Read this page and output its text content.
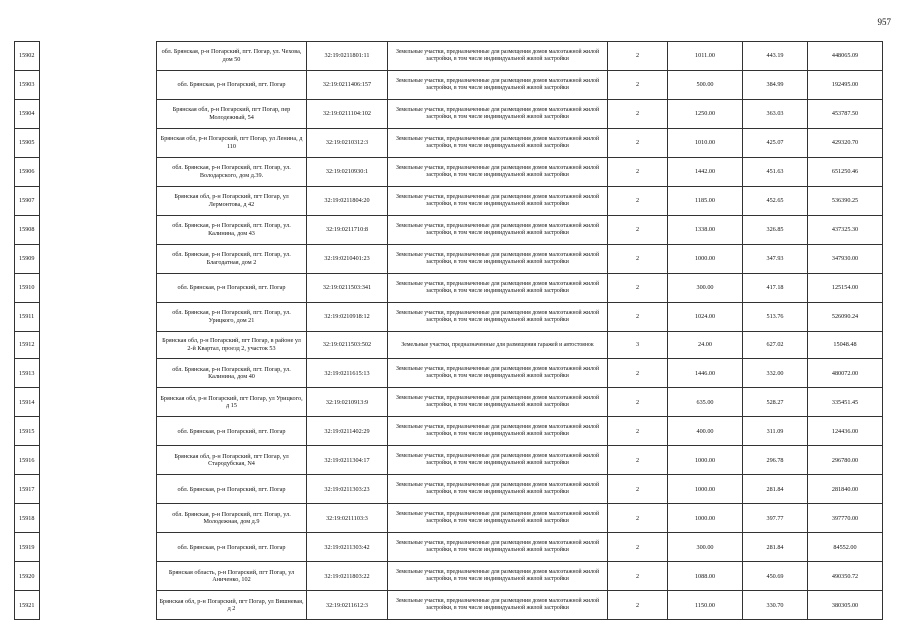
957
15902		обл. Брянская, р-н Погарский, пгт. Погар, ул. Чехова, дом 50	32:19:0211801:11	Земельные участки, предназначенные для размещения домов малоэтажной жилой застройки, в том числе индивидуальной жилой застройки	2	1011.00	443.19	448065.09
15903		обл. Брянская, р-н Погарский, пгт. Погар	32:19:0211406:157	Земельные участки, предназначенные для размещения домов малоэтажной жилой застройки, в том числе индивидуальной жилой застройки	2	500.00	384.99	192495.00
15904		Брянская обл, р-н Погарский, пгт Погар, пер Молодежный, 54	32:19:0211104:102	Земельные участки, предназначенные для размещения домов малоэтажной жилой застройки, в том числе индивидуальной жилой застройки	2	1250.00	363.03	453787.50
15905		Брянская обл, р-н Погарский, пгт Погар, ул Ленина, д 110	32:19:0210312:3	Земельные участки, предназначенные для размещения домов малоэтажной жилой застройки, в том числе индивидуальной жилой застройки	2	1010.00	425.07	429320.70
15906		обл. Брянская, р-н Погарский, пгт. Погар, ул. Володарского, дом д.39.	32:19:0210930:1	Земельные участки, предназначенные для размещения домов малоэтажной жилой застройки, в том числе индивидуальной жилой застройки	2	1442.00	451.63	651250.46
15907		Брянская обл, р-н Погарский, пгт Погар, ул Лермонтова, д 42	32:19:0211804:20	Земельные участки, предназначенные для размещения домов малоэтажной жилой застройки, в том числе индивидуальной жилой застройки	2	1185.00	452.65	536390.25
15908		обл. Брянская, р-н Погарский, пгт. Погар, ул. Калинина, дом 43	32:19:0211710:8	Земельные участки, предназначенные для размещения домов малоэтажной жилой застройки, в том числе индивидуальной жилой застройки	2	1338.00	326.85	437325.30
15909		обл. Брянская, р-н Погарский, пгт. Погар, ул. Благодатная, дом 2	32:19:0210401:23	Земельные участки, предназначенные для размещения домов малоэтажной жилой застройки, в том числе индивидуальной жилой застройки	2	1000.00	347.93	347930.00
15910		обл. Брянская, р-н Погарский, пгт. Погар	32:19:0211503:341	Земельные участки, предназначенные для размещения домов малоэтажной жилой застройки, в том числе индивидуальной жилой застройки	2	300.00	417.18	125154.00
15911		обл. Брянская, р-н Погарский, пгт. Погар, ул. Урицкого, дом 21	32:19:0210918:12	Земельные участки, предназначенные для размещения домов малоэтажной жилой застройки, в том числе индивидуальной жилой застройки	2	1024.00	513.76	526090.24
15912		Брянская обл, р-н Погарский, пгт Погар, в районе ул 2-й Квартал, проезд 2, участок 53	32:19:0211503:502	Земельные участки, предназначенные для размещения гаражей и автостоянок	3	24.00	627.02	15048.48
15913		обл. Брянская, р-н Погарский, пгт. Погар, ул. Калинина, дом 40	32:19:0211615:13	Земельные участки, предназначенные для размещения домов малоэтажной жилой застройки, в том числе индивидуальной жилой застройки	2	1446.00	332.00	480072.00
15914		Брянская обл, р-н Погарский, пгт Погар, ул Урицкого, д 15	32:19:0210913:9	Земельные участки, предназначенные для размещения домов малоэтажной жилой застройки, в том числе индивидуальной жилой застройки	2	635.00	528.27	335451.45
15915		обл. Брянская, р-н Погарский, пгт. Погар	32:19:0211402:29	Земельные участки, предназначенные для размещения домов малоэтажной жилой застройки, в том числе индивидуальной жилой застройки	2	400.00	311.09	124436.00
15916		Брянская обл, р-н Погарский, пгт Погар, ул Стародубская, N4	32:19:0211304:17	Земельные участки, предназначенные для размещения домов малоэтажной жилой застройки, в том числе индивидуальной жилой застройки	2	1000.00	296.78	296780.00
15917		обл. Брянская, р-н Погарский, пгт. Погар	32:19:0211303:23	Земельные участки, предназначенные для размещения домов малоэтажной жилой застройки, в том числе индивидуальной жилой застройки	2	1000.00	281.84	281840.00
15918		обл. Брянская, р-н Погарский, пгт. Погар, ул. Молодежная, дом д.9	32:19:0211103:3	Земельные участки, предназначенные для размещения домов малоэтажной жилой застройки, в том числе индивидуальной жилой застройки	2	1000.00	397.77	397770.00
15919		обл. Брянская, р-н Погарский, пгт. Погар	32:19:0211303:42	Земельные участки, предназначенные для размещения домов малоэтажной жилой застройки, в том числе индивидуальной жилой застройки	2	300.00	281.84	84552.00
15920		Брянская область, р-н Погарский, пгт Погар, ул Аниченко, 102	32:19:0211803:22	Земельные участки, предназначенные для размещения домов малоэтажной жилой застройки, в том числе индивидуальной жилой застройки	2	1088.00	450.69	490350.72
15921		Брянская обл, р-н Погарский, пгт Погар, ул Вишневая, д 2	32:19:0211612:3	Земельные участки, предназначенные для размещения домов малоэтажной жилой застройки, в том числе индивидуальной жилой застройки	2	1150.00	330.70	380305.00
